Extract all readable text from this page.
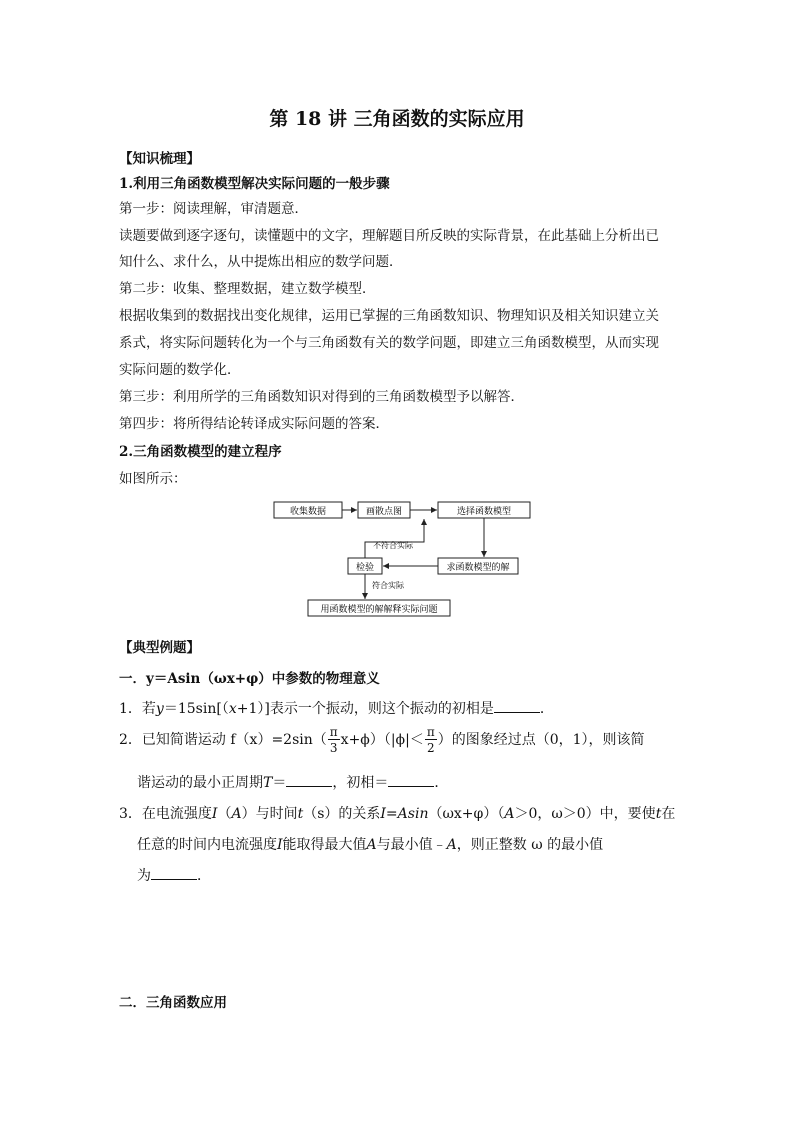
第 18 讲 三角函数的实际应用
【知识梳理】
1.利用三角函数模型解决实际问题的一般步骤
第一步：阅读理解，审清题意．
读题要做到逐字逐句，读懂题中的文字，理解题目所反映的实际背景，在此基础上分析出已
知什么、求什么，从中提炼出相应的数学问题．
第二步：收集、整理数据，建立数学模型．
根据收集到的数据找出变化规律，运用已掌握的三角函数知识、物理知识及相关知识建立关
系式，将实际问题转化为一个与三角函数有关的数学问题，即建立三角函数模型，从而实现
实际问题的数学化．
第三步：利用所学的三角函数知识对得到的三角函数模型予以解答．
第四步：将所得结论转译成实际问题的答案．
2.三角函数模型的建立程序
如图所示：
收集数据	画散点图	选择函数模型
求函数模型的解
检验
用函数模型的解解释实际问题
不符合实际
符合实际
【典型例题】
一．y＝Asin（ωx+φ）中参数的物理意义
1．若y＝15sin[（x+1）]表示一个振动，则这个振动的初相是	．
2．已知简谐运动 $f(x)=2\sin( \frac{\pi}{3} x+\phi)(|\phi|< \frac{\pi}{2}$ ）的图象经过点（0，1），则该简
谐运动的最小正周期T＝	，初相＝	．
3．在电流强度I（A）与时间t（s）的关系I=Asin（ωx+φ）（A＞0，ω＞0）中，要使t在
任意的时间内电流强度I能取得最大值A与最小值﹣A，则正整数 ω 的最小值
为	．
二．三角函数应用
